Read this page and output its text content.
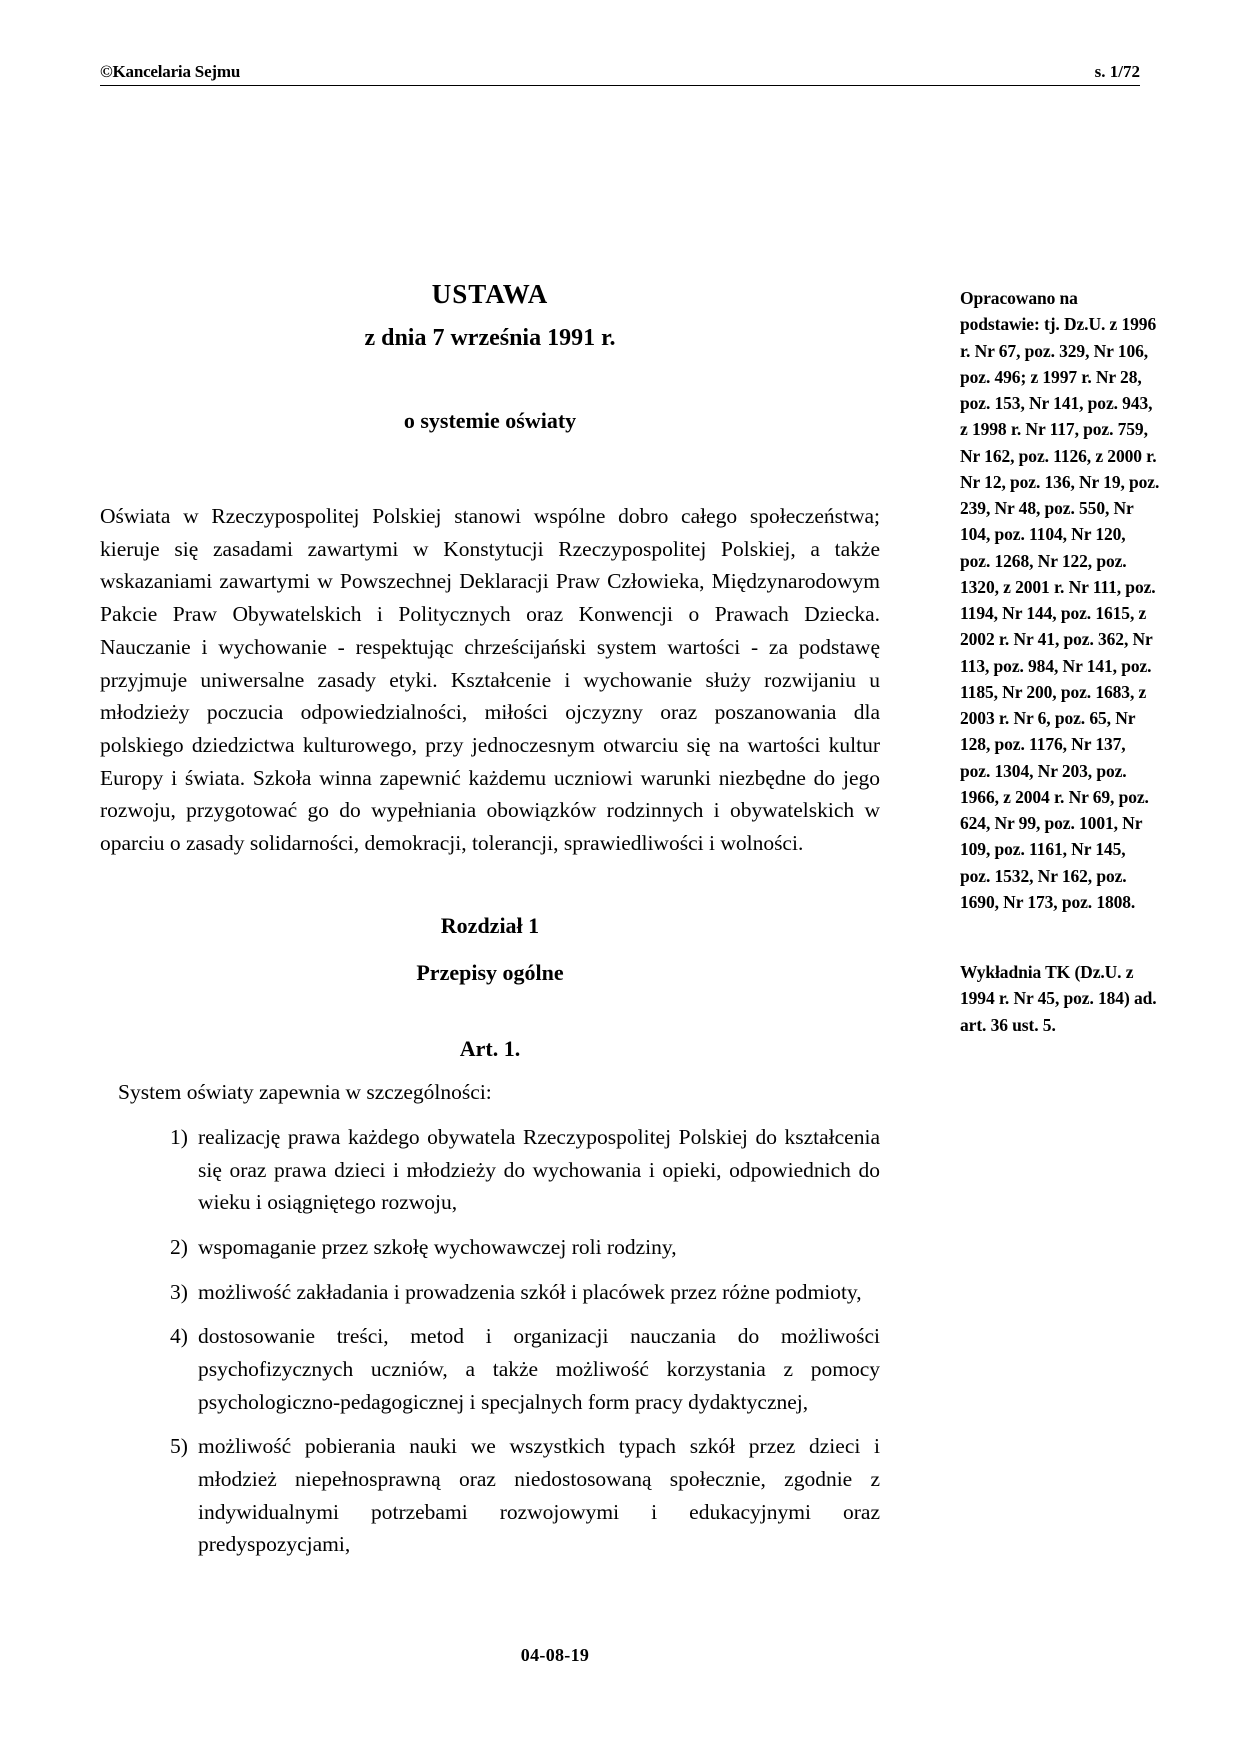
©Kancelaria Sejmu	s. 1/72
USTAWA
z dnia 7 września 1991 r.
o systemie oświaty

Oświata w Rzeczypospolitej Polskiej stanowi wspólne dobro całego społeczeństwa; kieruje się zasadami zawartymi w Konstytucji Rzeczypospolitej Polskiej, a także wskazaniami zawartymi w Powszechnej Deklaracji Praw Człowieka, Międzynarodowym Pakcie Praw Obywatelskich i Politycznych oraz Konwencji o Prawach Dziecka. Nauczanie i wychowanie - respektując chrześcijański system wartości - za podstawę przyjmuje uniwersalne zasady etyki. Kształcenie i wychowanie służy rozwijaniu u młodzieży poczucia odpowiedzialności, miłości ojczyzny oraz poszanowania dla polskiego dziedzictwa kulturowego, przy jednoczesnym otwarciu się na wartości kultur Europy i świata. Szkoła winna zapewnić każdemu uczniowi warunki niezbędne do jego rozwoju, przygotować go do wypełniania obowiązków rodzinnych i obywatelskich w oparciu o zasady solidarności, demokracji, tolerancji, sprawiedliwości i wolności.

Rozdział 1
Przepisy ogólne
Art. 1.
System oświaty zapewnia w szczególności:
1) realizację prawa każdego obywatela Rzeczypospolitej Polskiej do kształcenia się oraz prawa dzieci i młodzieży do wychowania i opieki, odpowiednich do wieku i osiągniętego rozwoju,
2) wspomaganie przez szkołę wychowawczej roli rodziny,
3) możliwość zakładania i prowadzenia szkół i placówek przez różne podmioty,
4) dostosowanie treści, metod i organizacji nauczania do możliwości psychofizycznych uczniów, a także możliwość korzystania z pomocy psychologiczno-pedagogicznej i specjalnych form pracy dydaktycznej,
5) możliwość pobierania nauki we wszystkich typach szkół przez dzieci i młodzież niepełnosprawną oraz niedostosowaną społecznie, zgodnie z indywidualnymi potrzebami rozwojowymi i edukacyjnymi oraz predyspozycjami,
Opracowano na podstawie: tj. Dz.U. z 1996 r. Nr 67, poz. 329, Nr 106, poz. 496; z 1997 r. Nr 28, poz. 153, Nr 141, poz. 943, z 1998 r. Nr 117, poz. 759, Nr 162, poz. 1126, z 2000 r. Nr 12, poz. 136, Nr 19, poz. 239, Nr 48, poz. 550, Nr 104, poz. 1104, Nr 120, poz. 1268, Nr 122, poz. 1320, z 2001 r. Nr 111, poz. 1194, Nr 144, poz. 1615, z 2002 r. Nr 41, poz. 362, Nr 113, poz. 984, Nr 141, poz. 1185, Nr 200, poz. 1683, z 2003 r. Nr 6, poz. 65, Nr 128, poz. 1176, Nr 137, poz. 1304, Nr 203, poz. 1966, z 2004 r. Nr 69, poz. 624, Nr 99, poz. 1001, Nr 109, poz. 1161, Nr 145, poz. 1532, Nr 162, poz. 1690, Nr 173, poz. 1808.
Wykładnia TK (Dz.U. z 1994 r. Nr 45, poz. 184) ad. art. 36 ust. 5.
04-08-19
